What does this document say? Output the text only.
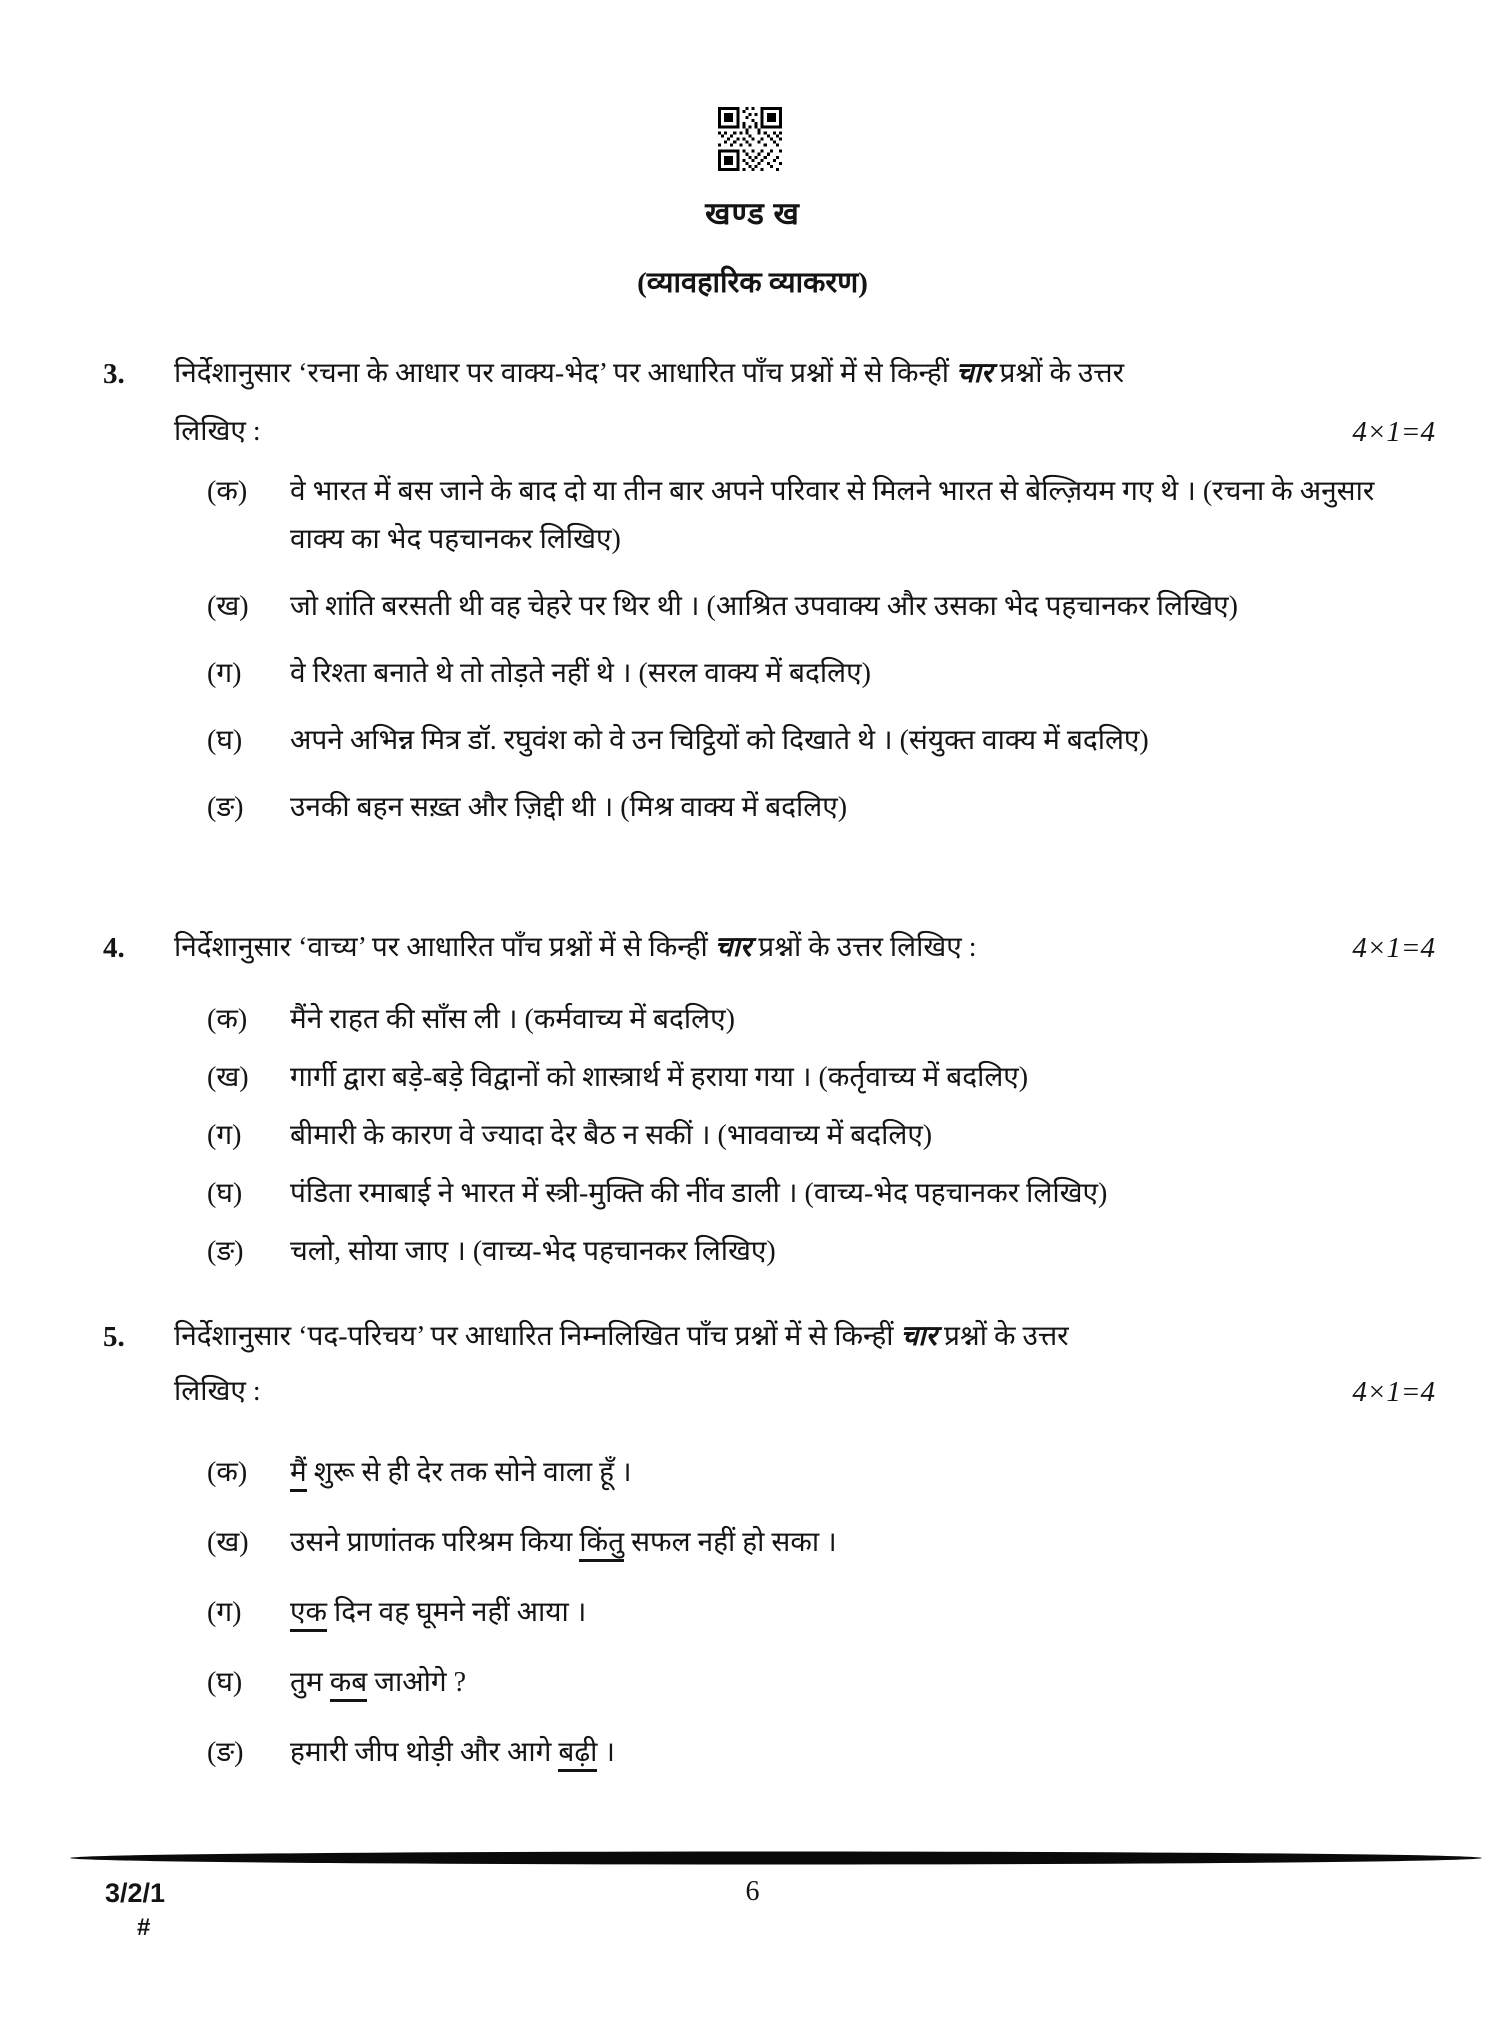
खण्ड ख
(व्यावहारिक व्याकरण)
3.	निर्देशानुसार ‘रचना के आधार पर वाक्य-भेद’ पर आधारित पाँच प्रश्नों में से किन्हीं चार प्रश्नों के उत्तर
लिखिए :	4×1=4
(क)	वे भारत में बस जाने के बाद दो या तीन बार अपने परिवार से मिलने भारत से बेल्ज़ियम गए थे । (रचना के अनुसार वाक्य का भेद पहचानकर लिखिए)

(ख)	जो शांति बरसती थी वह चेहरे पर थिर थी । (आश्रित उपवाक्य और उसका भेद पहचानकर लिखिए)

(ग)	वे रिश्ता बनाते थे तो तोड़ते नहीं थे । (सरल वाक्य में बदलिए)

(घ)	अपने अभिन्न मित्र डॉ. रघुवंश को वे उन चिट्ठियों को दिखाते थे । (संयुक्त वाक्य में बदलिए)

(ङ)	उनकी बहन सख़्त और ज़िद्दी थी । (मिश्र वाक्य में बदलिए)

4.	निर्देशानुसार ‘वाच्य’ पर आधारित पाँच प्रश्नों में से किन्हीं चार प्रश्नों के उत्तर लिखिए :	4×1=4
(क)	मैंने राहत की साँस ली । (कर्मवाच्य में बदलिए)

(ख)	गार्गी द्वारा बड़े-बड़े विद्वानों को शास्त्रार्थ में हराया गया । (कर्तृवाच्य में बदलिए)

(ग)	बीमारी के कारण वे ज्यादा देर बैठ न सकीं । (भाववाच्य में बदलिए)

(घ)	पंडिता रमाबाई ने भारत में स्त्री-मुक्ति की नींव डाली । (वाच्य-भेद पहचानकर लिखिए)

(ङ)	चलो, सोया जाए । (वाच्य-भेद पहचानकर लिखिए)

5.	निर्देशानुसार ‘पद-परिचय’ पर आधारित निम्नलिखित पाँच प्रश्नों में से किन्हीं चार प्रश्नों के उत्तर
लिखिए :	4×1=4
(क)	मैं शुरू से ही देर तक सोने वाला हूँ ।

(ख)	उसने प्राणांतक परिश्रम किया किंतु सफल नहीं हो सका ।

(ग)	एक दिन वह घूमने नहीं आया ।

(घ)	तुम कब जाओगे ?

(ङ)	हमारी जीप थोड़ी और आगे बढ़ी ।

3/2/1
#
6
